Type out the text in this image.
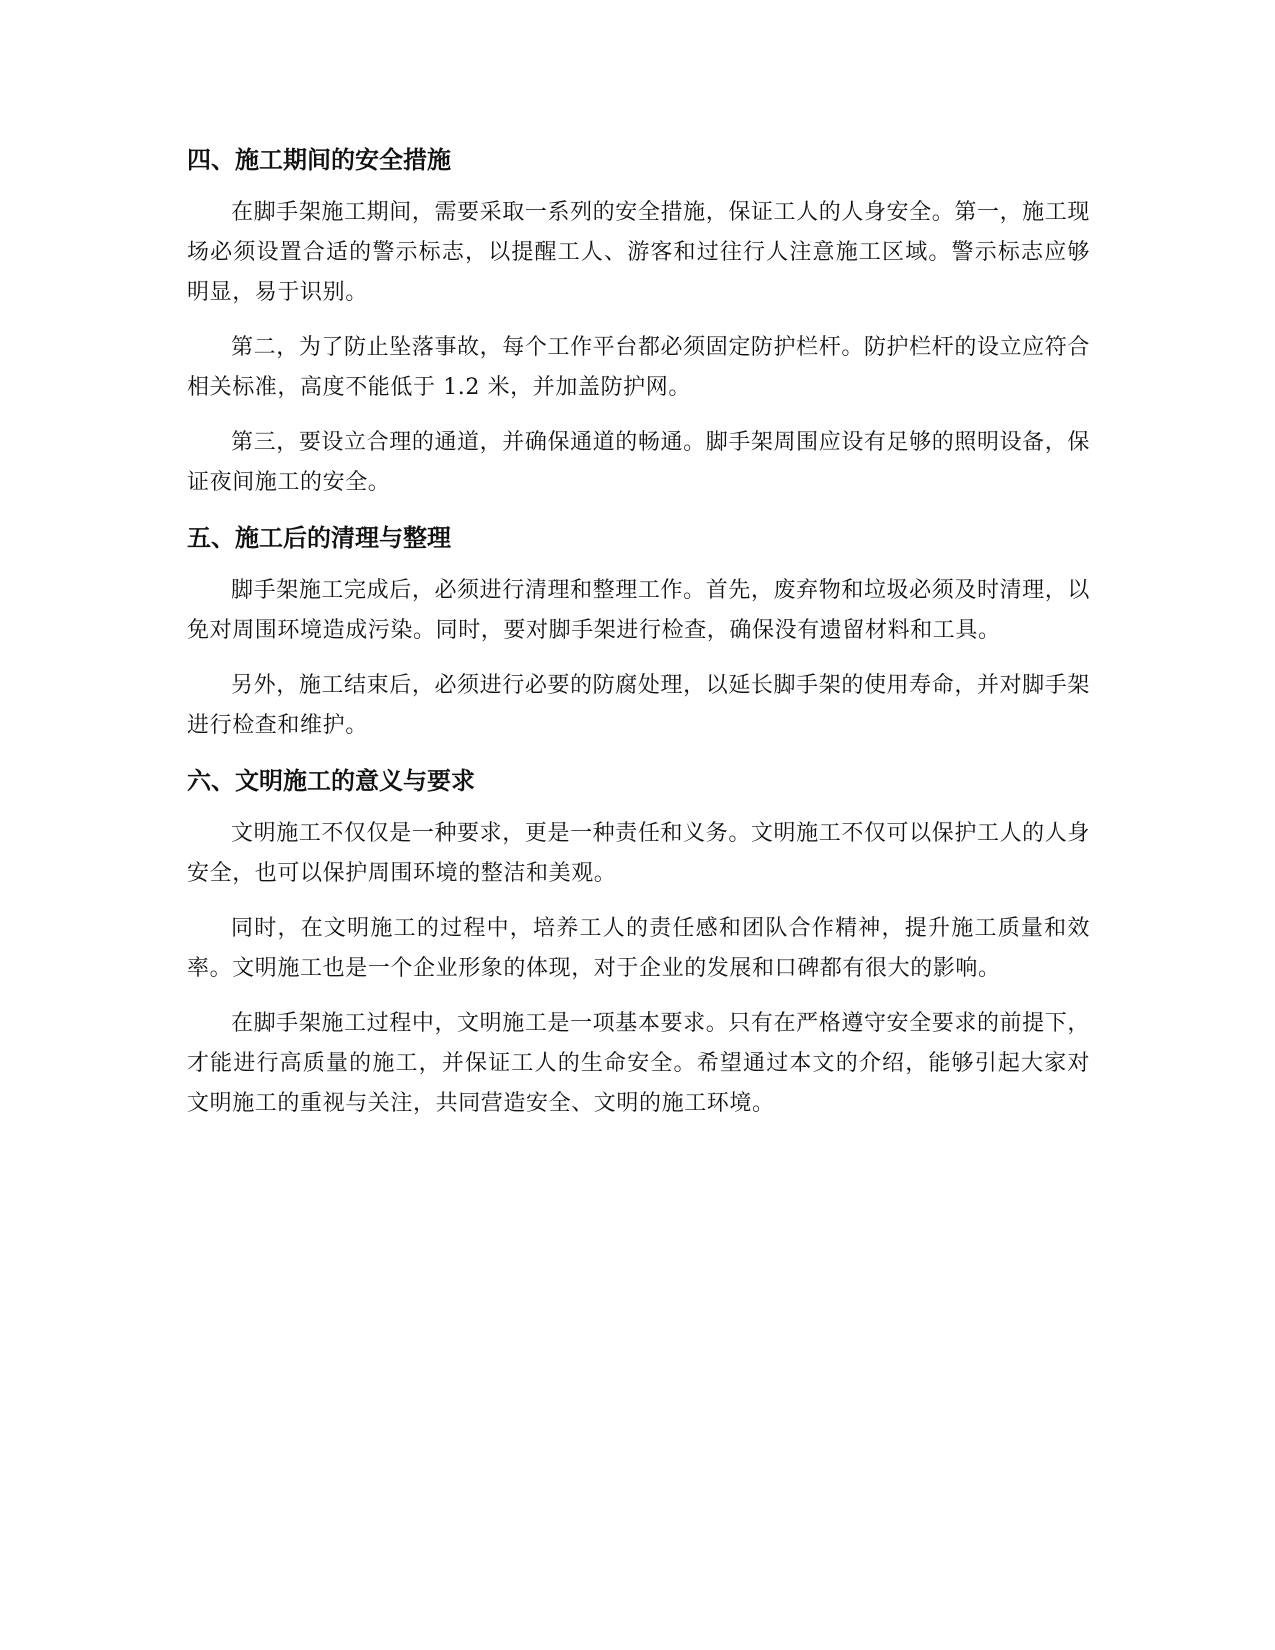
四、施工期间的安全措施

在脚手架施工期间，需要采取一系列的安全措施，保证工人的人身安全。第一，施工现场必须设置合适的警示标志，以提醒工人、游客和过往行人注意施工区域。警示标志应够明显，易于识别。

第二，为了防止坠落事故，每个工作平台都必须固定防护栏杆。防护栏杆的设立应符合相关标准，高度不能低于 1.2 米，并加盖防护网。

第三，要设立合理的通道，并确保通道的畅通。脚手架周围应设有足够的照明设备，保证夜间施工的安全。

五、施工后的清理与整理

脚手架施工完成后，必须进行清理和整理工作。首先，废弃物和垃圾必须及时清理，以免对周围环境造成污染。同时，要对脚手架进行检查，确保没有遗留材料和工具。

另外，施工结束后，必须进行必要的防腐处理，以延长脚手架的使用寿命，并对脚手架进行检查和维护。

六、文明施工的意义与要求

文明施工不仅仅是一种要求，更是一种责任和义务。文明施工不仅可以保护工人的人身安全，也可以保护周围环境的整洁和美观。

同时，在文明施工的过程中，培养工人的责任感和团队合作精神，提升施工质量和效率。文明施工也是一个企业形象的体现，对于企业的发展和口碑都有很大的影响。

在脚手架施工过程中，文明施工是一项基本要求。只有在严格遵守安全要求的前提下，才能进行高质量的施工，并保证工人的生命安全。希望通过本文的介绍，能够引起大家对文明施工的重视与关注，共同营造安全、文明的施工环境。
